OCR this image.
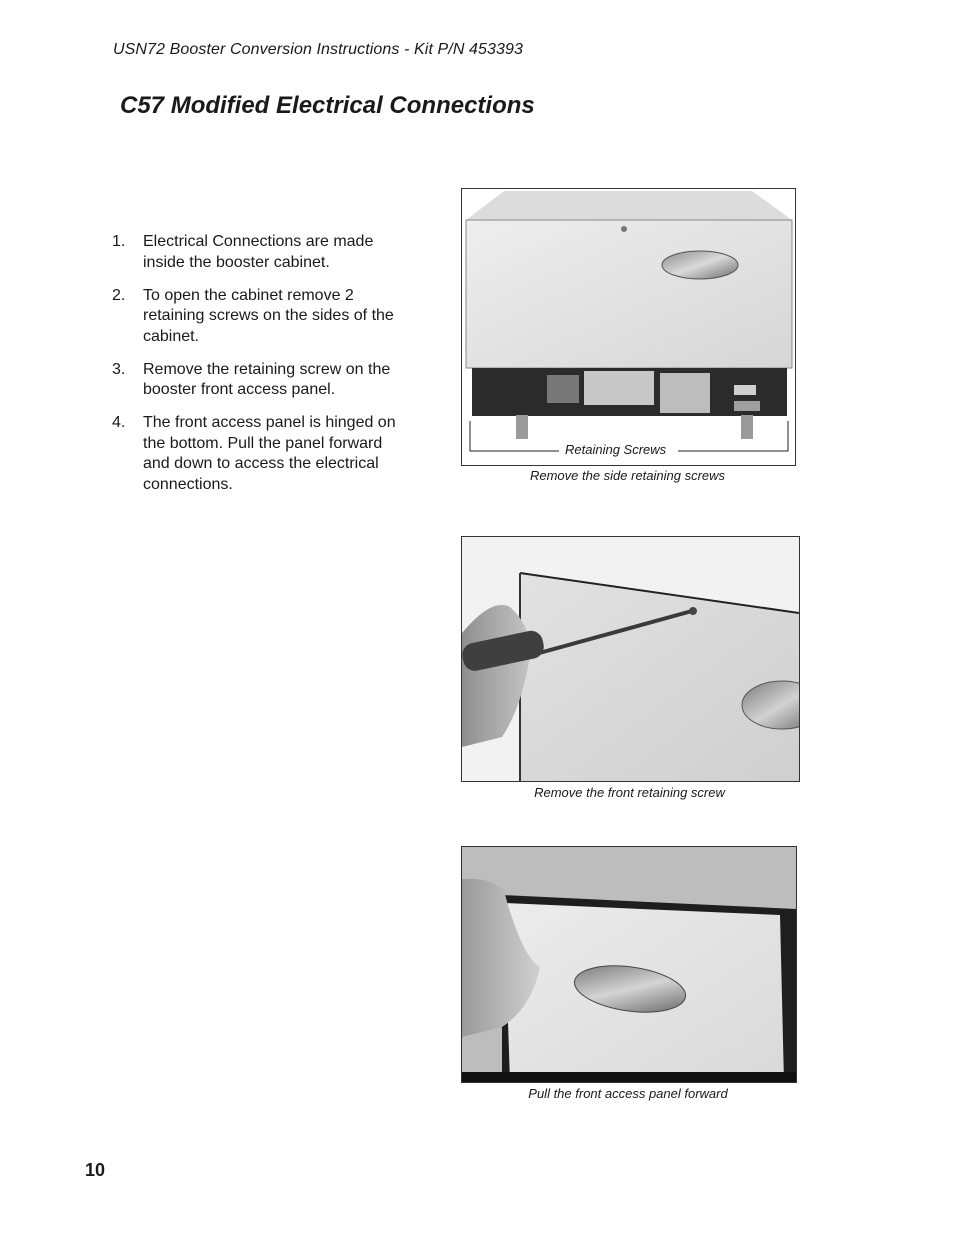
USN72 Booster Conversion Instructions - Kit P/N 453393
C57 Modified Electrical Connections
1. Electrical Connections are made inside the booster cabinet.
2. To open the cabinet remove 2 retaining screws on the sides of the cabinet.
3. Remove the retaining screw on the booster front access panel.
4. The front access panel is hinged on the bottom. Pull the panel forward and down to access the electrical connections.
Retaining Screws
Remove the side retaining screws
Remove the front retaining screw
Pull the front access panel forward
10
